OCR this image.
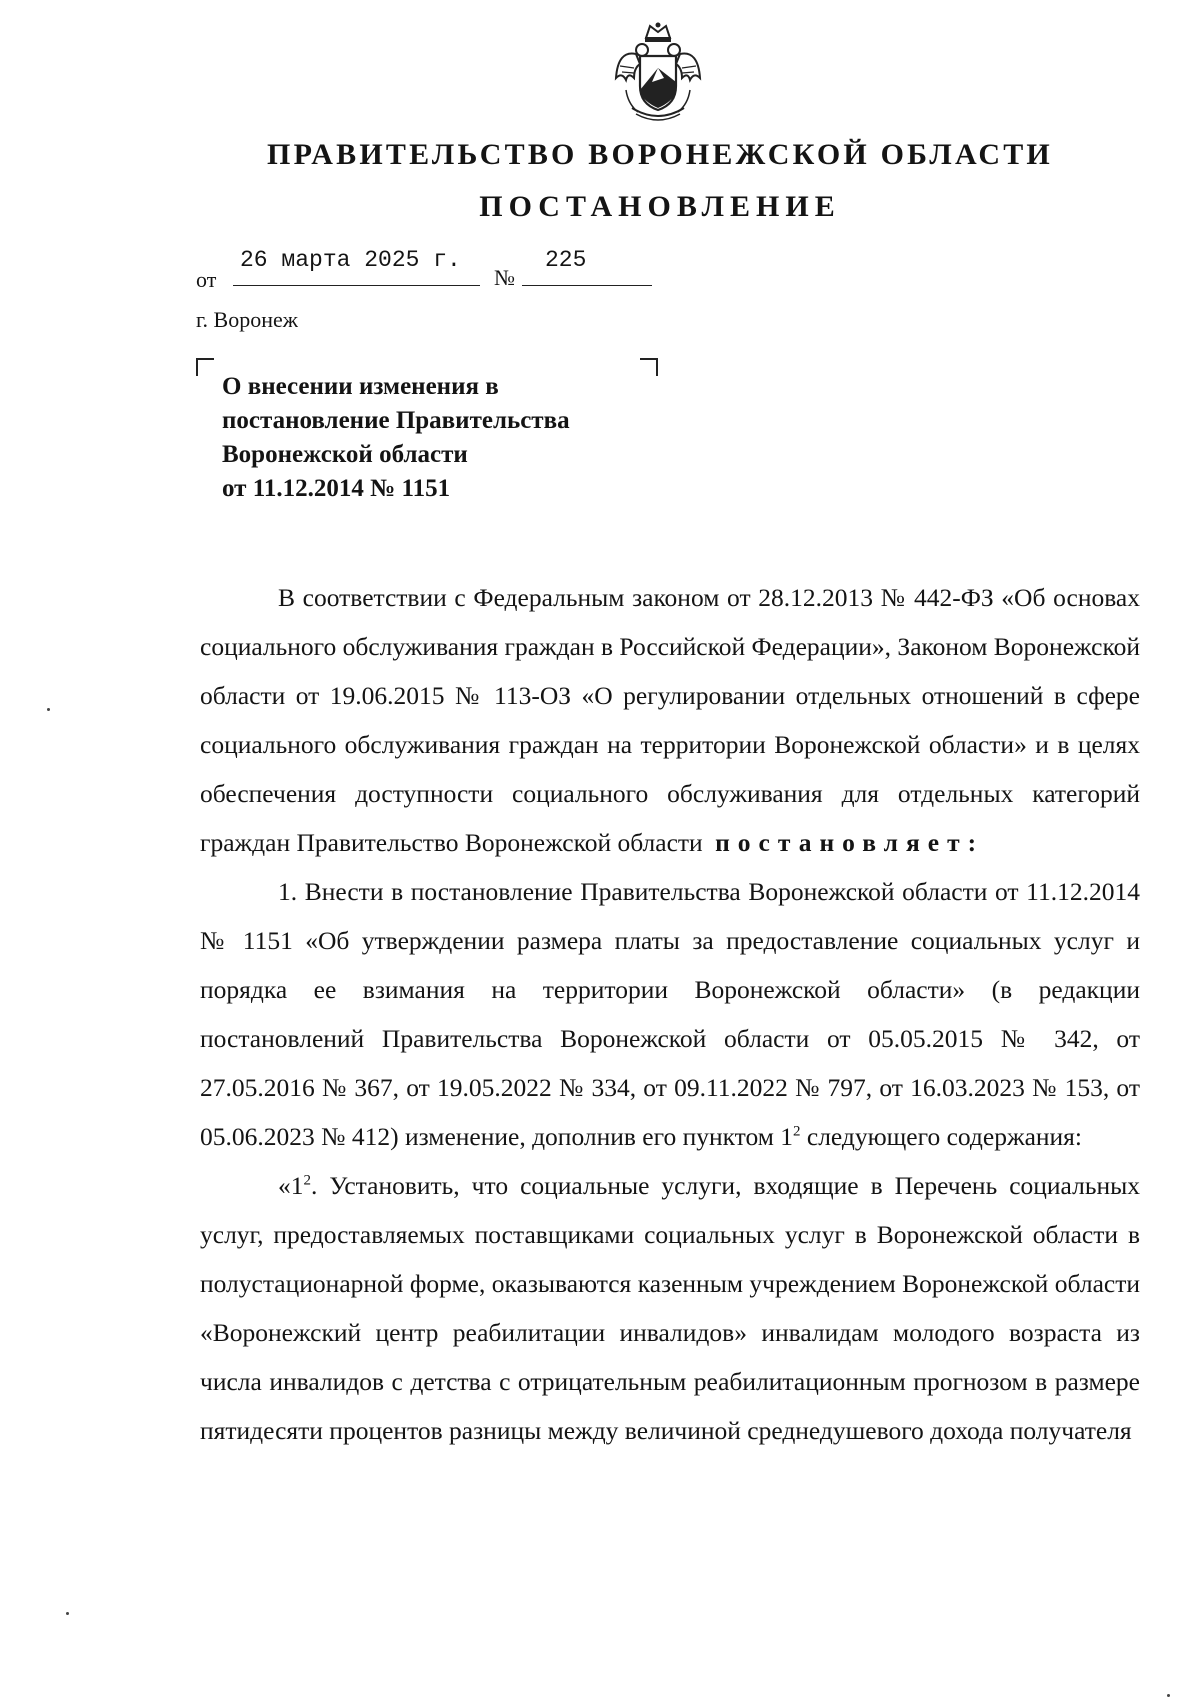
ПРАВИТЕЛЬСТВО ВОРОНЕЖСКОЙ ОБЛАСТИ
ПОСТАНОВЛЕНИЕ
от
26 марта 2025 г.
№
225
г. Воронеж
О внесении изменения в
постановление Правительства
Воронежской области
от 11.12.2014 № 1151

В соответствии с Федеральным законом от 28.12.2013 № 442-ФЗ «Об основах социального обслуживания граждан в Российской Федерации», Законом Воронежской области от 19.06.2015 № 113-ОЗ «О регулировании отдельных отношений в сфере социального обслуживания граждан на территории Воронежской области» и в целях обеспечения доступности социального обслуживания для отдельных категорий граждан Правительство Воронежской области постановляет:

1. Внести в постановление Правительства Воронежской области от 11.12.2014 № 1151 «Об утверждении размера платы за предоставление социальных услуг и порядка ее взимания на территории Воронежской области» (в редакции постановлений Правительства Воронежской области от 05.05.2015 № 342, от 27.05.2016 № 367, от 19.05.2022 № 334, от 09.11.2022 № 797, от 16.03.2023 № 153, от 05.06.2023 № 412) изменение, дополнив его пунктом $1^2$ следующего содержания:

«$1^2$. Установить, что социальные услуги, входящие в Перечень социальных услуг, предоставляемых поставщиками социальных услуг в Воронежской области в полустационарной форме, оказываются казенным учреждением Воронежской области «Воронежский центр реабилитации инвалидов» инвалидам молодого возраста из числа инвалидов с детства с отрицательным реабилитационным прогнозом в размере пятидесяти процентов разницы между величиной среднедушевого дохода получателя
